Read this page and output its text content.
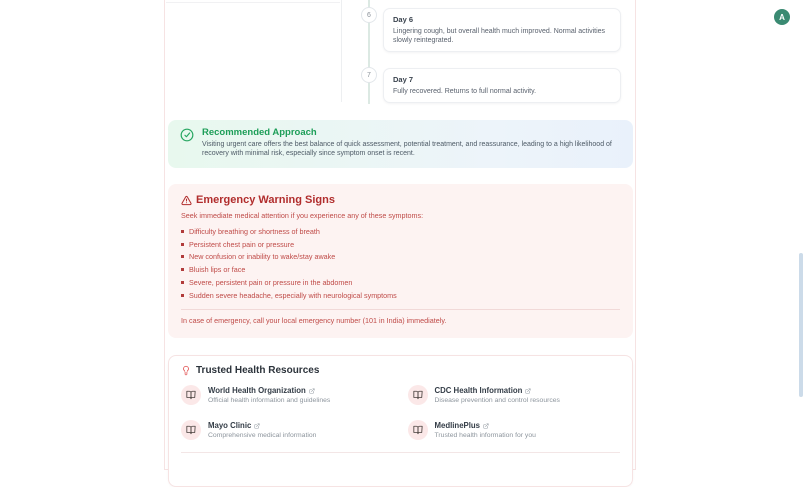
6	Day 6
Lingering cough, but overall health much improved. Normal activities slowly reintegrated.
7	Day 7
Fully recovered. Returns to full normal activity.
Recommended Approach
Visiting urgent care offers the best balance of quick assessment, potential treatment, and reassurance, leading to a high likelihood of recovery with minimal risk, especially since symptom onset is recent.
Emergency Warning Signs
Seek immediate medical attention if you experience any of these symptoms:
Difficulty breathing or shortness of breath
Persistent chest pain or pressure
New confusion or inability to wake/stay awake
Bluish lips or face
Severe, persistent pain or pressure in the abdomen
Sudden severe headache, especially with neurological symptoms
In case of emergency, call your local emergency number (101 in India) immediately.
Trusted Health Resources
World Health Organization
Official health information and guidelines
CDC Health Information
Disease prevention and control resources
Mayo Clinic
Comprehensive medical information
MedlinePlus
Trusted health information for you
A
